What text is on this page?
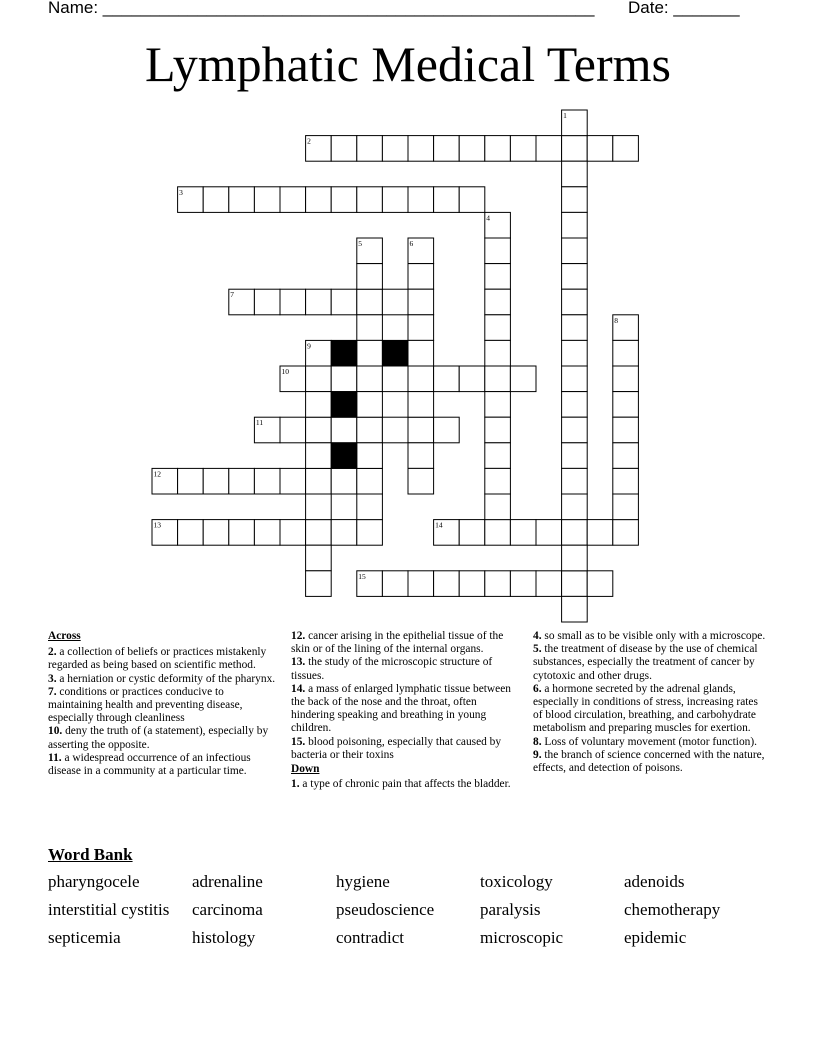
Name: ____________________________________________________ Date: _______
Lymphatic Medical Terms
1
2
3
4
5	6
7
8
9
10
11
12
13	14
15
Across
2. a collection of beliefs or practices mistakenly regarded as being based on scientific method.
3. a herniation or cystic deformity of the pharynx.
7. conditions or practices conducive to maintaining health and preventing disease, especially through cleanliness
10. deny the truth of (a statement), especially by asserting the opposite.
11. a widespread occurrence of an infectious disease in a community at a particular time.
12. cancer arising in the epithelial tissue of the skin or of the lining of the internal organs.
13. the study of the microscopic structure of tissues.
14. a mass of enlarged lymphatic tissue between the back of the nose and the throat, often hindering speaking and breathing in young children.
15. blood poisoning, especially that caused by bacteria or their toxins
Down
1. a type of chronic pain that affects the bladder.
4. so small as to be visible only with a microscope.
5. the treatment of disease by the use of chemical substances, especially the treatment of cancer by cytotoxic and other drugs.
6. a hormone secreted by the adrenal glands, especially in conditions of stress, increasing rates of blood circulation, breathing, and carbohydrate metabolism and preparing muscles for exertion.
8. Loss of voluntary movement (motor function).
9. the branch of science concerned with the nature, effects, and detection of poisons.
Word Bank
pharyngocele	adrenaline	hygiene	toxicology	adenoids
interstitial cystitis	carcinoma	pseudoscience	paralysis	chemotherapy
septicemia	histology	contradict	microscopic	epidemic
